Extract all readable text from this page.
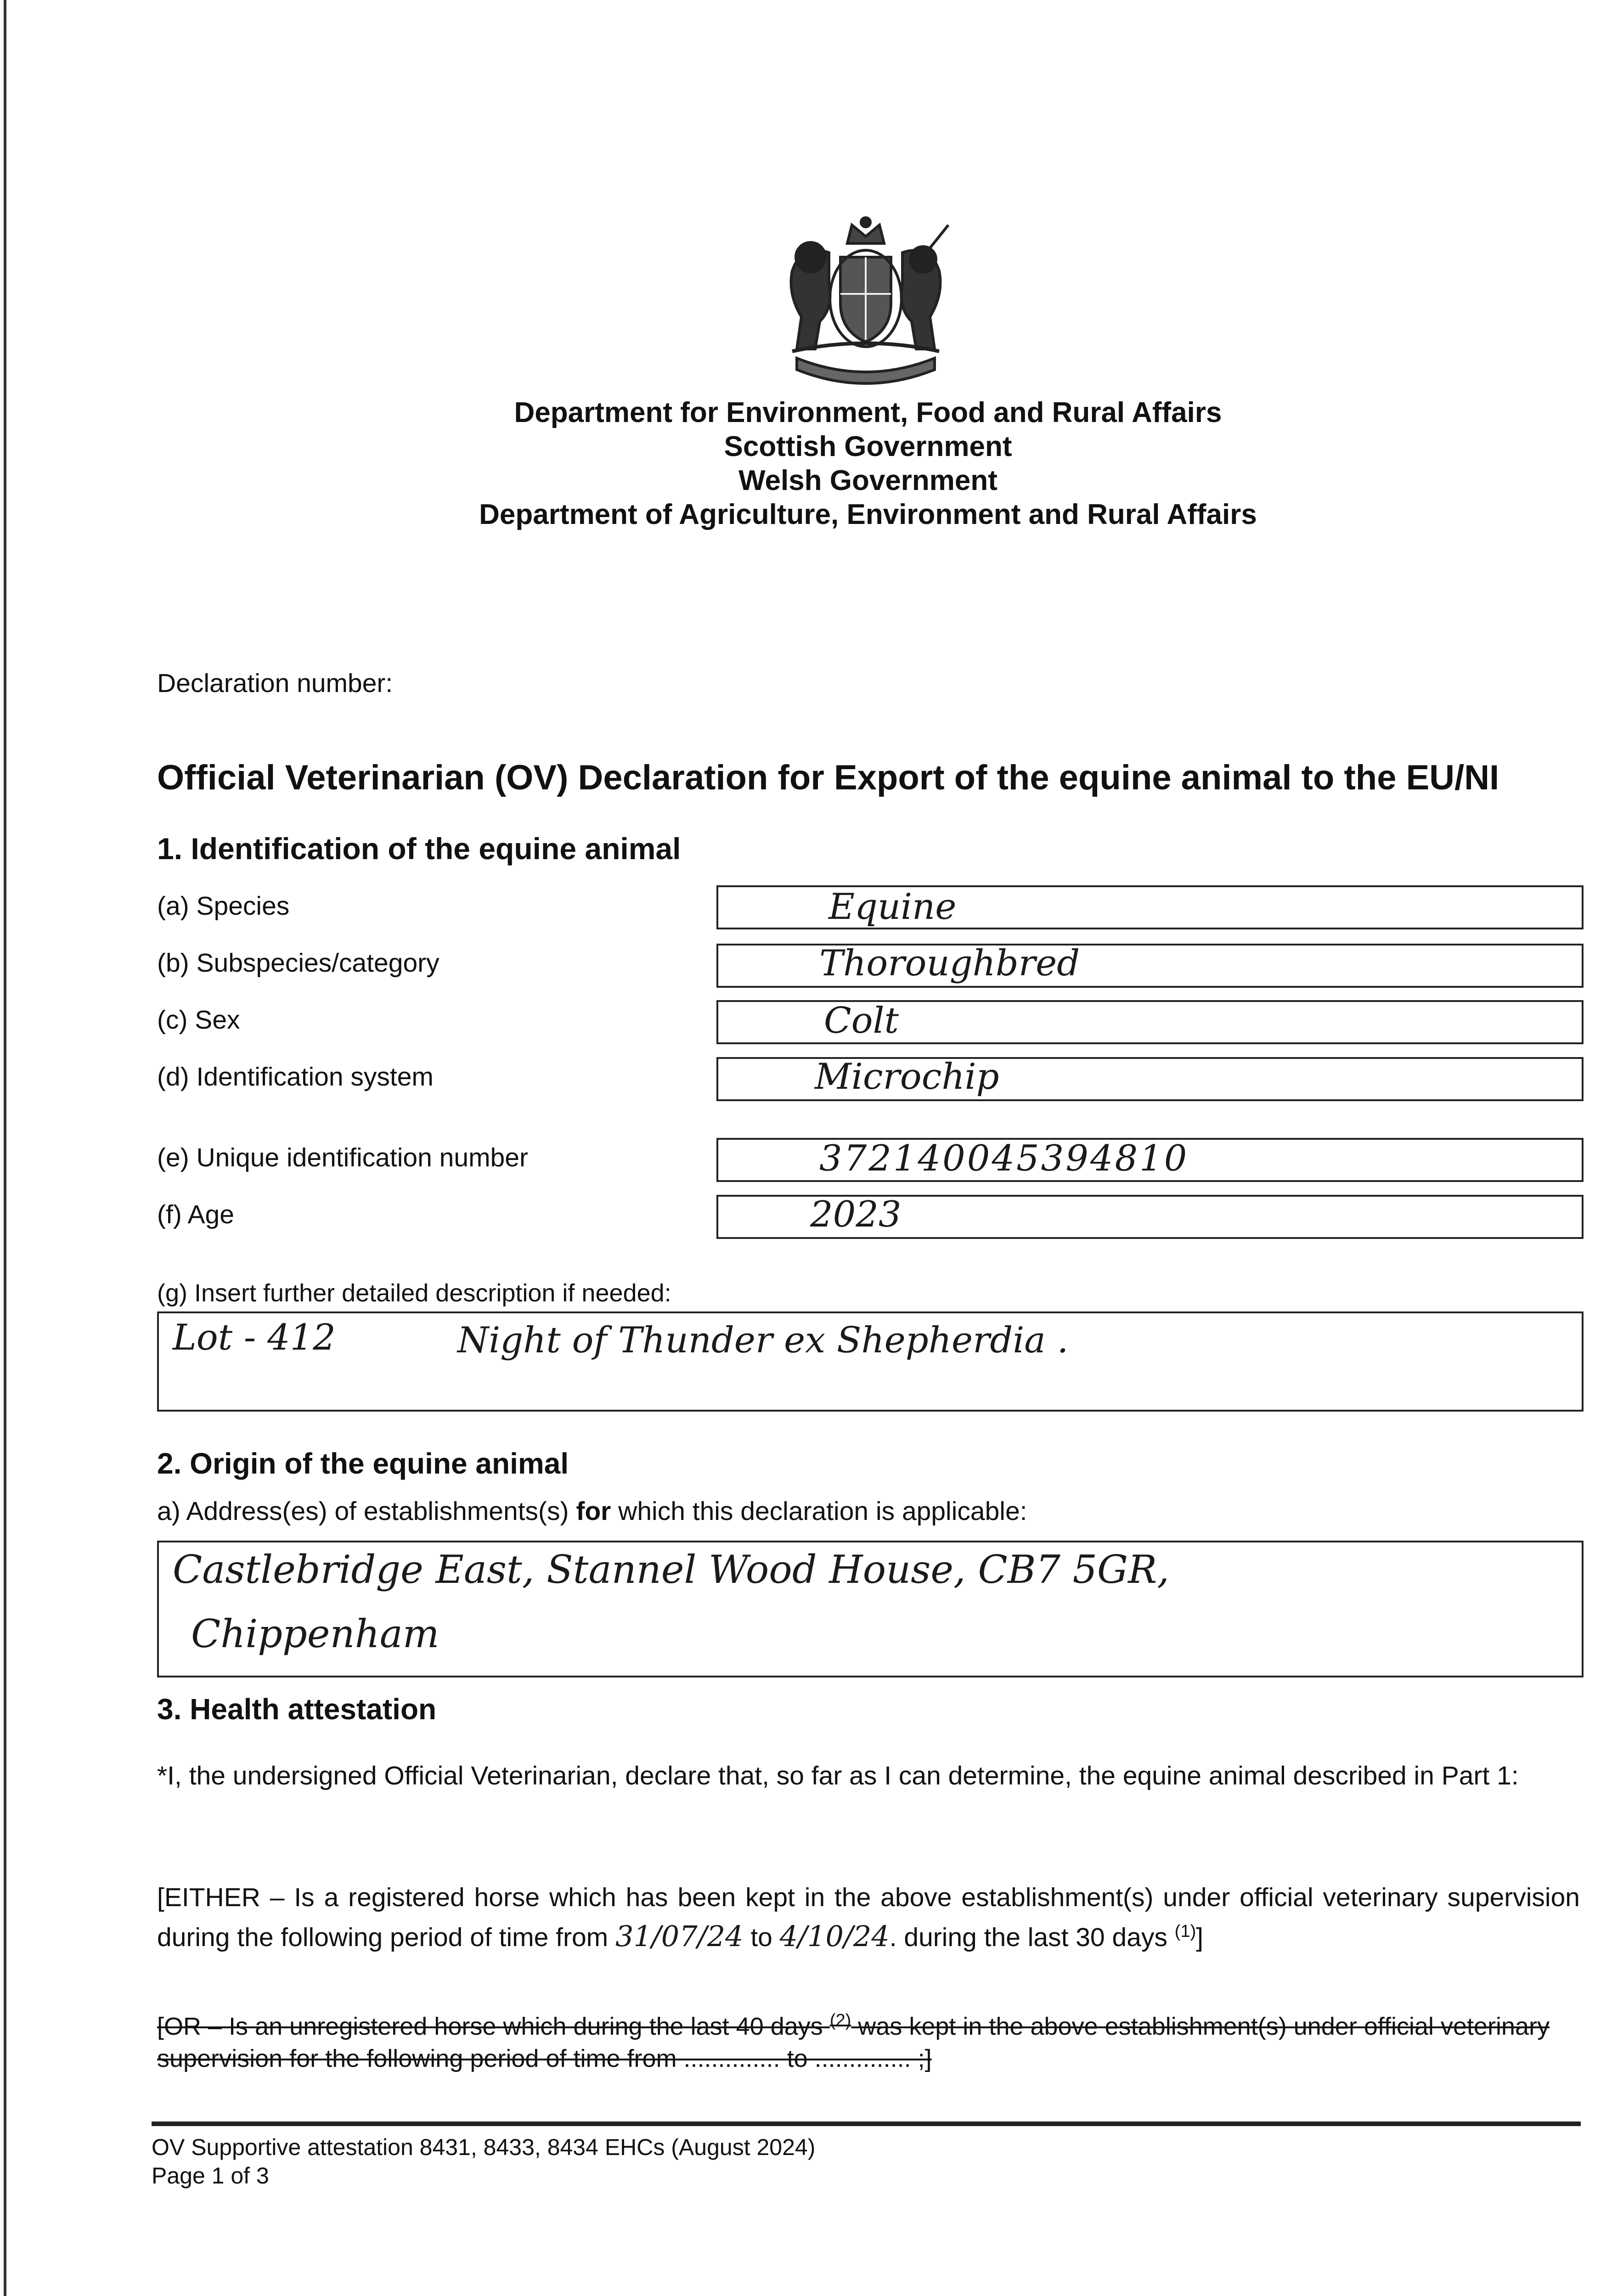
Department for Environment, Food and Rural Affairs
Scottish Government
Welsh Government
Department of Agriculture, Environment and Rural Affairs
Declaration number:
Official Veterinarian (OV) Declaration for Export of the equine animal to the EU/NI
1. Identification of the equine animal
(a) Species	Equine
(b) Subspecies/category	Thoroughbred
(c) Sex	Colt
(d) Identification system	Microchip
(e) Unique identification number	372140045394810
(f) Age	2023
(g) Insert further detailed description if needed:
Lot - 412	Night of Thunder ex Shepherdia .
2. Origin of the equine animal
a) Address(es) of establishments(s) for which this declaration is applicable:
Castlebridge East, Stannel Wood House, CB7 5GR,
Chippenham
3. Health attestation
*I, the undersigned Official Veterinarian, declare that, so far as I can determine, the equine animal described in Part 1:
[EITHER – Is a registered horse which has been kept in the above establishment(s) under official veterinary supervision during the following period of time from 31/07/24 to 4/10/24. during the last 30 days $^{(1)}$]
[OR – Is an unregistered horse which during the last 40 days $^{(2)}$ was kept in the above establishment(s) under official veterinary supervision for the following period of time from .............. to .............. ;]
OV Supportive attestation 8431, 8433, 8434 EHCs (August 2024)
Page 1 of 3
